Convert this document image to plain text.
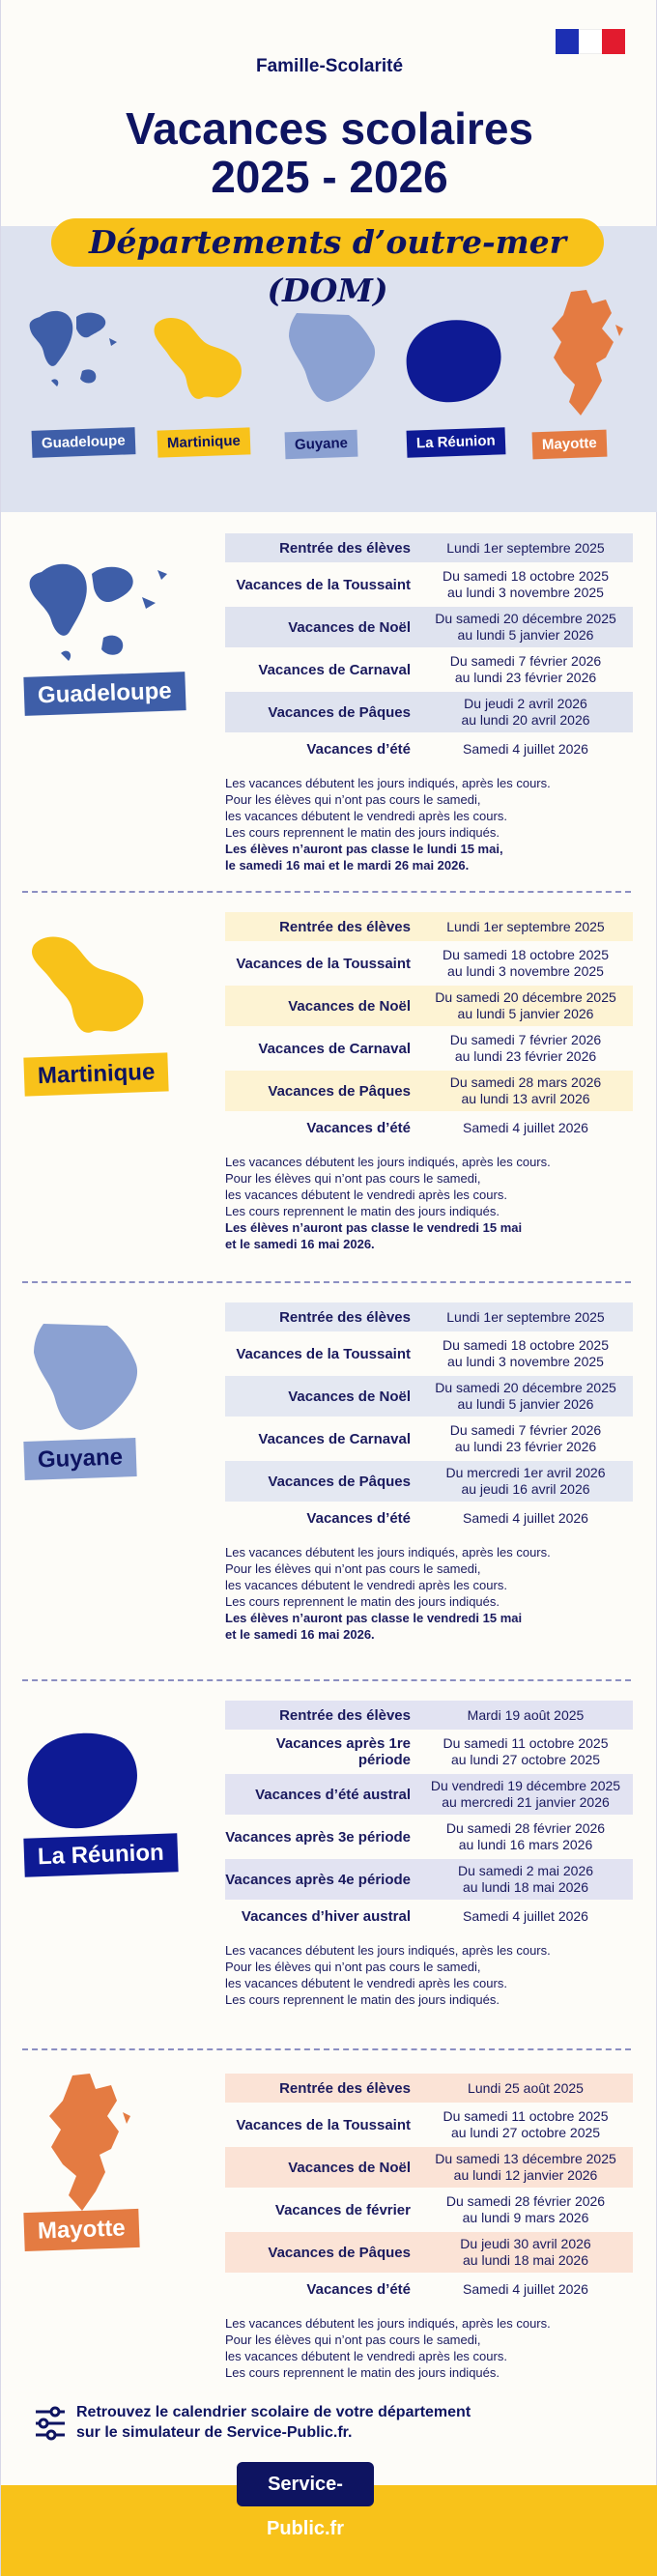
Famille-Scolarité
Vacances scolaires
2025 - 2026
Départements d’outre-mer (DOM)
Guadeloupe	Martinique	Guyane	La Réunion	Mayotte
Guadeloupe
Martinique
Guyane
La Réunion
Mayotte
Rentrée des élèves	Lundi 1er septembre 2025
Vacances de la Toussaint
Du samedi 18 octobre 2025
au lundi 3 novembre 2025
Vacances de Noël
Du samedi 20 décembre 2025
au lundi 5 janvier 2026
Vacances de Carnaval
Du samedi 7 février 2026
au lundi 23 février 2026
Vacances de Pâques
Du jeudi 2 avril 2026
au lundi 20 avril 2026
Vacances d’été	Samedi 4 juillet 2026
Les vacances débutent les jours indiqués, après les cours.
Pour les élèves qui n’ont pas cours le samedi,
les vacances débutent le vendredi après les cours.
Les cours reprennent le matin des jours indiqués.
Les élèves n’auront pas classe le lundi 15 mai,
le samedi 16 mai et le mardi 26 mai 2026.
Rentrée des élèves	Lundi 1er septembre 2025
Vacances de la Toussaint
Du samedi 18 octobre 2025
au lundi 3 novembre 2025
Vacances de Noël
Du samedi 20 décembre 2025
au lundi 5 janvier 2026
Vacances de Carnaval
Du samedi 7 février 2026
au lundi 23 février 2026
Vacances de Pâques
Du samedi 28 mars 2026
au lundi 13 avril 2026
Vacances d’été	Samedi 4 juillet 2026
Les vacances débutent les jours indiqués, après les cours.
Pour les élèves qui n’ont pas cours le samedi,
les vacances débutent le vendredi après les cours.
Les cours reprennent le matin des jours indiqués.
Les élèves n’auront pas classe le vendredi 15 mai
et le samedi 16 mai 2026.
Rentrée des élèves	Lundi 1er septembre 2025
Vacances de la Toussaint
Du samedi 18 octobre 2025
au lundi 3 novembre 2025
Vacances de Noël
Du samedi 20 décembre 2025
au lundi 5 janvier 2026
Vacances de Carnaval
Du samedi 7 février 2026
au lundi 23 février 2026
Vacances de Pâques
Du mercredi 1er avril 2026
au jeudi 16 avril 2026
Vacances d’été	Samedi 4 juillet 2026
Les vacances débutent les jours indiqués, après les cours.
Pour les élèves qui n’ont pas cours le samedi,
les vacances débutent le vendredi après les cours.
Les cours reprennent le matin des jours indiqués.
Les élèves n’auront pas classe le vendredi 15 mai
et le samedi 16 mai 2026.
Rentrée des élèves	Mardi 19 août 2025
Vacances après 1re période
Du samedi 11 octobre 2025
au lundi 27 octobre 2025
Vacances d’été austral
Du vendredi 19 décembre 2025
au mercredi 21 janvier 2026
Vacances après 3e période
Du samedi 28 février 2026
au lundi 16 mars 2026
Vacances après 4e période
Du samedi 2 mai 2026
au lundi 18 mai 2026
Vacances d’hiver austral	Samedi 4 juillet 2026
Les vacances débutent les jours indiqués, après les cours.
Pour les élèves qui n’ont pas cours le samedi,
les vacances débutent le vendredi après les cours.
Les cours reprennent le matin des jours indiqués.
Rentrée des élèves	Lundi 25 août 2025
Vacances de la Toussaint
Du samedi 11 octobre 2025
au lundi 27 octobre 2025
Vacances de Noël
Du samedi 13 décembre 2025
au lundi 12 janvier 2026
Vacances de février
Du samedi 28 février 2026
au lundi 9 mars 2026
Vacances de Pâques
Du jeudi 30 avril 2026
au lundi 18 mai 2026
Vacances d’été	Samedi 4 juillet 2026
Les vacances débutent les jours indiqués, après les cours.
Pour les élèves qui n’ont pas cours le samedi,
les vacances débutent le vendredi après les cours.
Les cours reprennent le matin des jours indiqués.
Retrouvez le calendrier scolaire de votre département
sur le simulateur de Service-Public.fr.
Service-Public.fr
